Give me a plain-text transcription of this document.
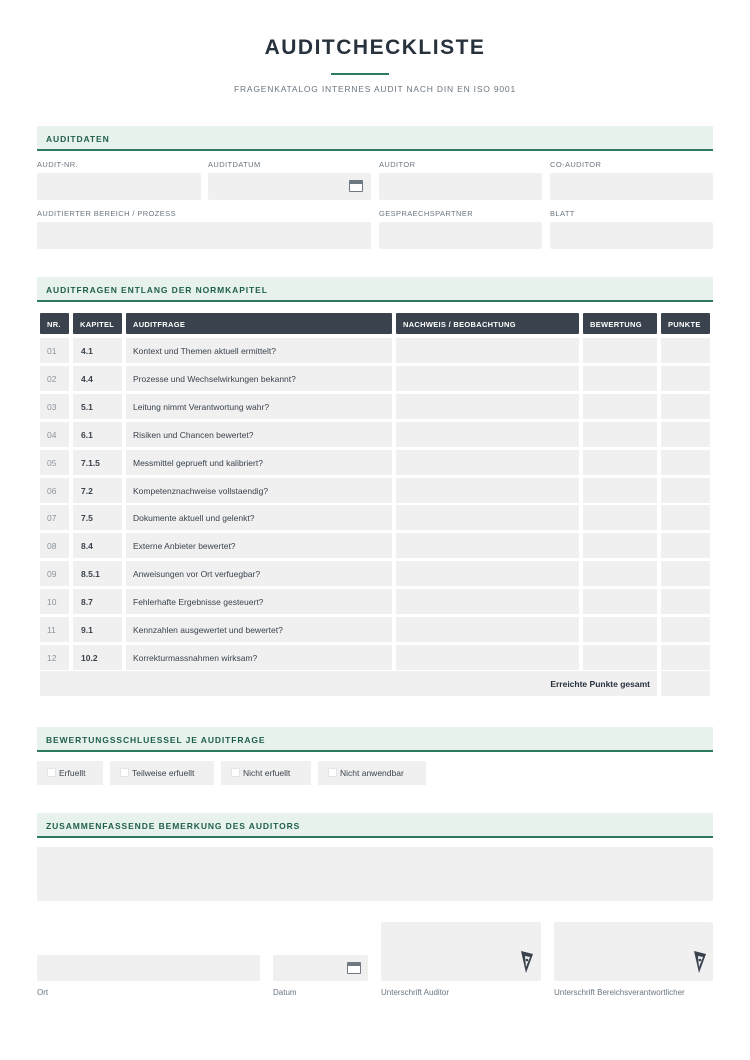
AUDITCHECKLISTE
FRAGENKATALOG INTERNES AUDIT NACH DIN EN ISO 9001
AUDITDATEN
AUDIT-NR.	AUDITDATUM	AUDITOR	CO-AUDITOR
AUDITIERTER BEREICH / PROZESS	GESPRAECHSPARTNER	BLATT
AUDITFRAGEN ENTLANG DER NORMKAPITEL
NR.	KAPITEL	AUDITFRAGE	NACHWEIS / BEOBACHTUNG	BEWERTUNG	PUNKTE
01	4.1	Kontext und Themen aktuell ermittelt?
02	4.4	Prozesse und Wechselwirkungen bekannt?
03	5.1	Leitung nimmt Verantwortung wahr?
04	6.1	Risiken und Chancen bewertet?
05	7.1.5	Messmittel geprueft und kalibriert?
06	7.2	Kompetenznachweise vollstaendig?
07	7.5	Dokumente aktuell und gelenkt?
08	8.4	Externe Anbieter bewertet?
09	8.5.1	Anweisungen vor Ort verfuegbar?
10	8.7	Fehlerhafte Ergebnisse gesteuert?
11	9.1	Kennzahlen ausgewertet und bewertet?
12	10.2	Korrekturmassnahmen wirksam?
Erreichte Punkte gesamt
BEWERTUNGSSCHLUESSEL JE AUDITFRAGE
Erfuellt	Teilweise erfuellt	Nicht erfuellt	Nicht anwendbar
ZUSAMMENFASSENDE BEMERKUNG DES AUDITORS
Ort	Datum	Unterschrift Auditor	Unterschrift Bereichsverantwortlicher
